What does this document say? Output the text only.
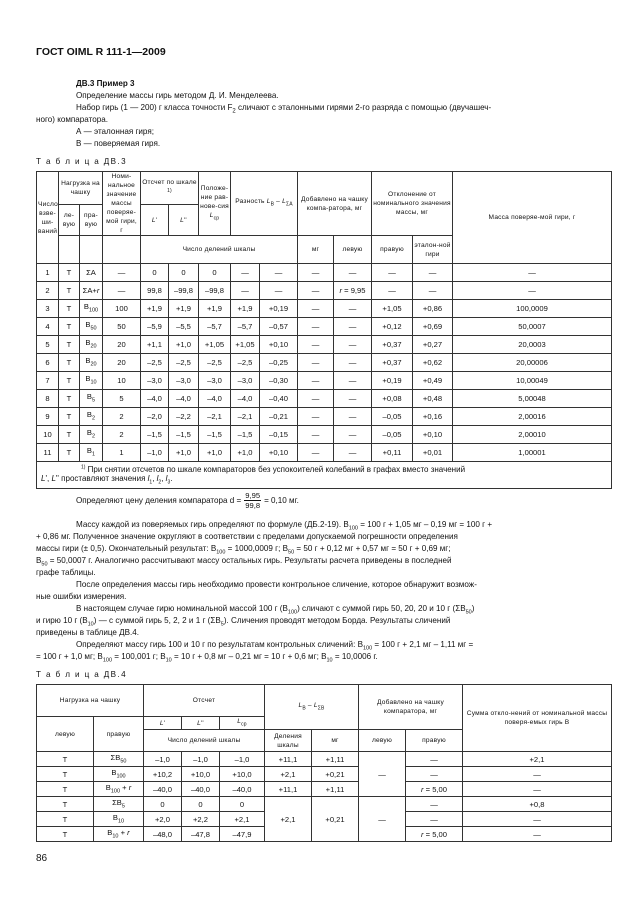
ГОСТ OIML R 111-1—2009
ДВ.3 Пример 3
Определение массы гирь методом Д. И. Менделеева.
Набор гирь (1 — 200) г класса точности $F_2$ сличают с эталонными гирями 2-го разряда с помощью (двучашеч-
ного) компаратора.
А — эталонная гиря;
В — поверяемая гиря.
Т а б л и ц а ДВ.3
Число взве-ши-ваний	Нагрузка на чашку		Номи-нальное значение массы поверяе-мой гири, г	Отсчет по шкале $^{1)}$		Положе-ние рав-нове-сия $L_{ср}$	Разность $L_B - L_{\Sigma A}$		Добавлено на чашку компа-ратора, мг		Отклонение от номинального значения массы, мг		Масса поверяе-мой гири, г	
	ле-вую	пра-вую		L'	L''									
				Число делений шкалы					мг	левую	правую	эталон-ной гири	
1	Т	ΣA	—	0	0	0	—	—	—	—	—	—	—	
2	Т	ΣA+r	—	99,8	–99,8	–99,8	—	—	—	r = 9,95	—	—	—	
3	Т	$B_{100}$	100	+1,9	+1,9	+1,9	+1,9	+0,19	—	—	+1,05	+0,86	100,0009	
4	Т	$B_{50}$	50	–5,9	–5,5	–5,7	–5,7	–0,57	—	—	+0,12	+0,69	50,0007	
5	Т	$B_{20}$	20	+1,1	+1,0	+1,05	+1,05	+0,10	—	—	+0,37	+0,27	20,0003	
6	Т	$B_{20}$	20	–2,5	–2,5	–2,5	–2,5	–0,25	—	—	+0,37	+0,62	20,00006	
7	Т	$B_{10}$	10	–3,0	–3,0	–3,0	–3,0	–0,30	—	—	+0,19	+0,49	10,00049	
8	Т	$B_5$	5	–4,0	–4,0	–4,0	–4,0	–0,40	—	—	+0,08	+0,48	5,00048	
9	Т	$B_2$	2	–2,0	–2,2	–2,1	–2,1	–0,21	—	—	–0,05	+0,16	2,00016	
10	Т	$B_2$	2	–1,5	–1,5	–1,5	–1,5	–0,15	—	—	–0,05	+0,10	2,00010	
11	Т	$B_1$	1	–1,0	+1,0	+1,0	+1,0	+0,10	—	—	+0,11	+0,01	1,00001	
$^{1)}$ При снятии отсчетов по шкале компараторов без успокоителей колебаний в графах вместо значений
L', L'' проставляют значения $l_1$, $l_2$, $l_3$.														
Определяют цену деления компаратора $d = \frac{9,95}{99,8} = 0,10$ мг.
Массу каждой из поверяемых гирь определяют по формуле (ДБ.2-19). $B_{100} = 100$ г + 1,05 мг – 0,19 мг = 100 г +
+ 0,86 мг. Полученное значение округляют в соответствии с пределами допускаемой погрешности определения
массы гири (± 0,5). Окончательный результат: $B_{100} = 1000,0009$ г; $B_{50} = 50$ г + 0,12 мг + 0,57 мг = 50 г + 0,69 мг;
$B_{50} = 50,0007$ г. Аналогично рассчитывают массу остальных гирь. Результаты расчета приведены в последней
графе таблицы.
После определения массы гирь необходимо провести контрольное сличение, которое обнаружит возмож-
ные ошибки измерения.
В настоящем случае гирю номинальной массой 100 г $(B_{100})$ сличают с суммой гирь 50, 20, 20 и 10 г $(\Sigma B_{50})$
и гирю 10 г $(B_{10})$ — с суммой гирь 5, 2, 2 и 1 г $(\Sigma B_5)$. Сличения проводят методом Борда. Результаты сличений
приведены в таблице ДВ.4.
Определяют массу гирь 100 и 10 г по результатам контрольных сличений: $B_{100} = 100$ г + 2,1 мг – 1,11 мг =
= 100 г + 1,0 мг; $B_{100} = 100,001$ г; $B_{10} = 10$ г + 0,8 мг – 0,21 мг = 10 г + 0,6 мг; $B_{10} = 10,0006$ г.
Т а б л и ц а ДВ.4
Нагрузка на чашку		Отсчет			$L_B - L_{\Sigma B}$		Добавлено на чашку компаратора, мг		Сумма откло-нений от номинальной массы поверя-емых гирь B
левую	правую	L'	L''	$L_{ср}$
		Число делений шкалы			Деления шкалы	мг	левую	правую	
Т	$\Sigma B_{50}$	–1,0	–1,0	–1,0	+11,1	+1,11	—	—	+2,1
Т	$B_{100}$	+10,2	+10,0	+10,0	+2,1	+0,21		—	—
Т	$B_{100} + r$	–40,0	–40,0	–40,0	+11,1	+1,11		r = 5,00	—
Т	$\Sigma B_5$	0	0	0	+2,1	+0,21	—	—	+0,8
Т	$B_{10}$	+2,0	+2,2	+2,1				—	—
Т	$B_{10} + r$	–48,0	–47,8	–47,9				r = 5,00	—
86
